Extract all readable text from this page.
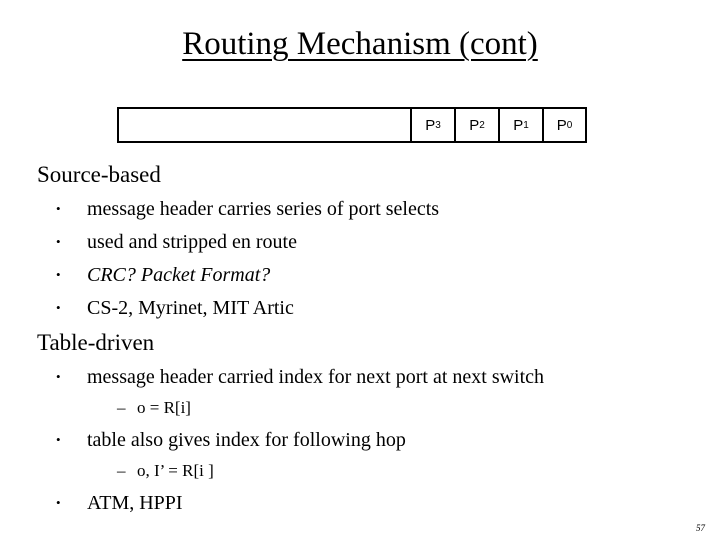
Routing Mechanism (cont)
P 3 P 2 P 1 P 0
Source-based
• message header carries series of port selects
• used and stripped en route
• CRC? Packet Format?
• CS-2, Myrinet, MIT Artic
Table-driven
• message header carried index for next port at next switch
– o = R[i]
• table also gives index for following hop
– o, I’ = R[i ]
• ATM, HPPI
57
